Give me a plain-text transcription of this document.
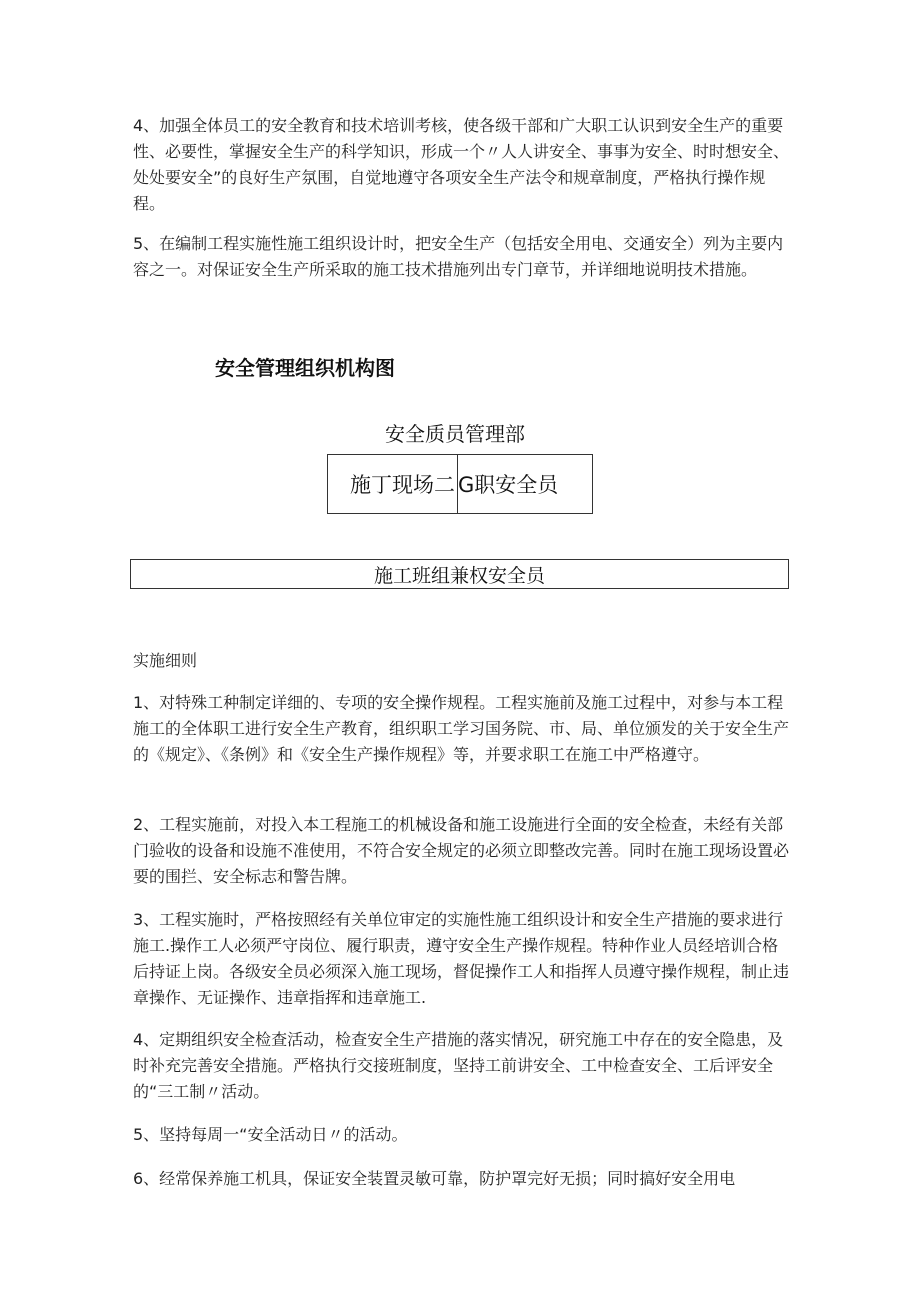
4、加强全体员工的安全教育和技术培训考核，使各级干部和广大职工认识到安全生产的重要性、必要性，掌握安全生产的科学知识，形成一个〃人人讲安全、事事为安全、时时想安全、处处要安全”的良好生产氛围，自觉地遵守各项安全生产法令和规章制度，严格执行操作规程。

5、在编制工程实施性施工组织设计时，把安全生产（包括安全用电、交通安全）列为主要内容之一。对保证安全生产所采取的施工技术措施列出专门章节，并详细地说明技术措施。

安全管理组织机构图
安全质员管理部
施丁现场二 G职安全员
施工班组兼权安全员
实施细则

1、对特殊工种制定详细的、专项的安全操作规程。工程实施前及施工过程中，对参与本工程施工的全体职工进行安全生产教育，组织职工学习国务院、市、局、单位颁发的关于安全生产的《规定》、《条例》和《安全生产操作规程》等，并要求职工在施工中严格遵守。

2、工程实施前，对投入本工程施工的机械设备和施工设施进行全面的安全检查，未经有关部门验收的设备和设施不准使用，不符合安全规定的必须立即整改完善。同时在施工现场设置必要的围拦、安全标志和警告牌。

3、工程实施时，严格按照经有关单位审定的实施性施工组织设计和安全生产措施的要求进行施工.操作工人必须严守岗位、履行职责，遵守安全生产操作规程。特种作业人员经培训合格后持证上岗。各级安全员必须深入施工现场，督促操作工人和指挥人员遵守操作规程，制止违章操作、无证操作、违章指挥和违章施工.

4、定期组织安全检查活动，检查安全生产措施的落实情况，研究施工中存在的安全隐患，及时补充完善安全措施。严格执行交接班制度，坚持工前讲安全、工中检查安全、工后评安全的“三工制〃活动。

5、坚持每周一“安全活动日〃的活动。

6、经常保养施工机具，保证安全装置灵敏可靠，防护罩完好无损；同时搞好安全用电
